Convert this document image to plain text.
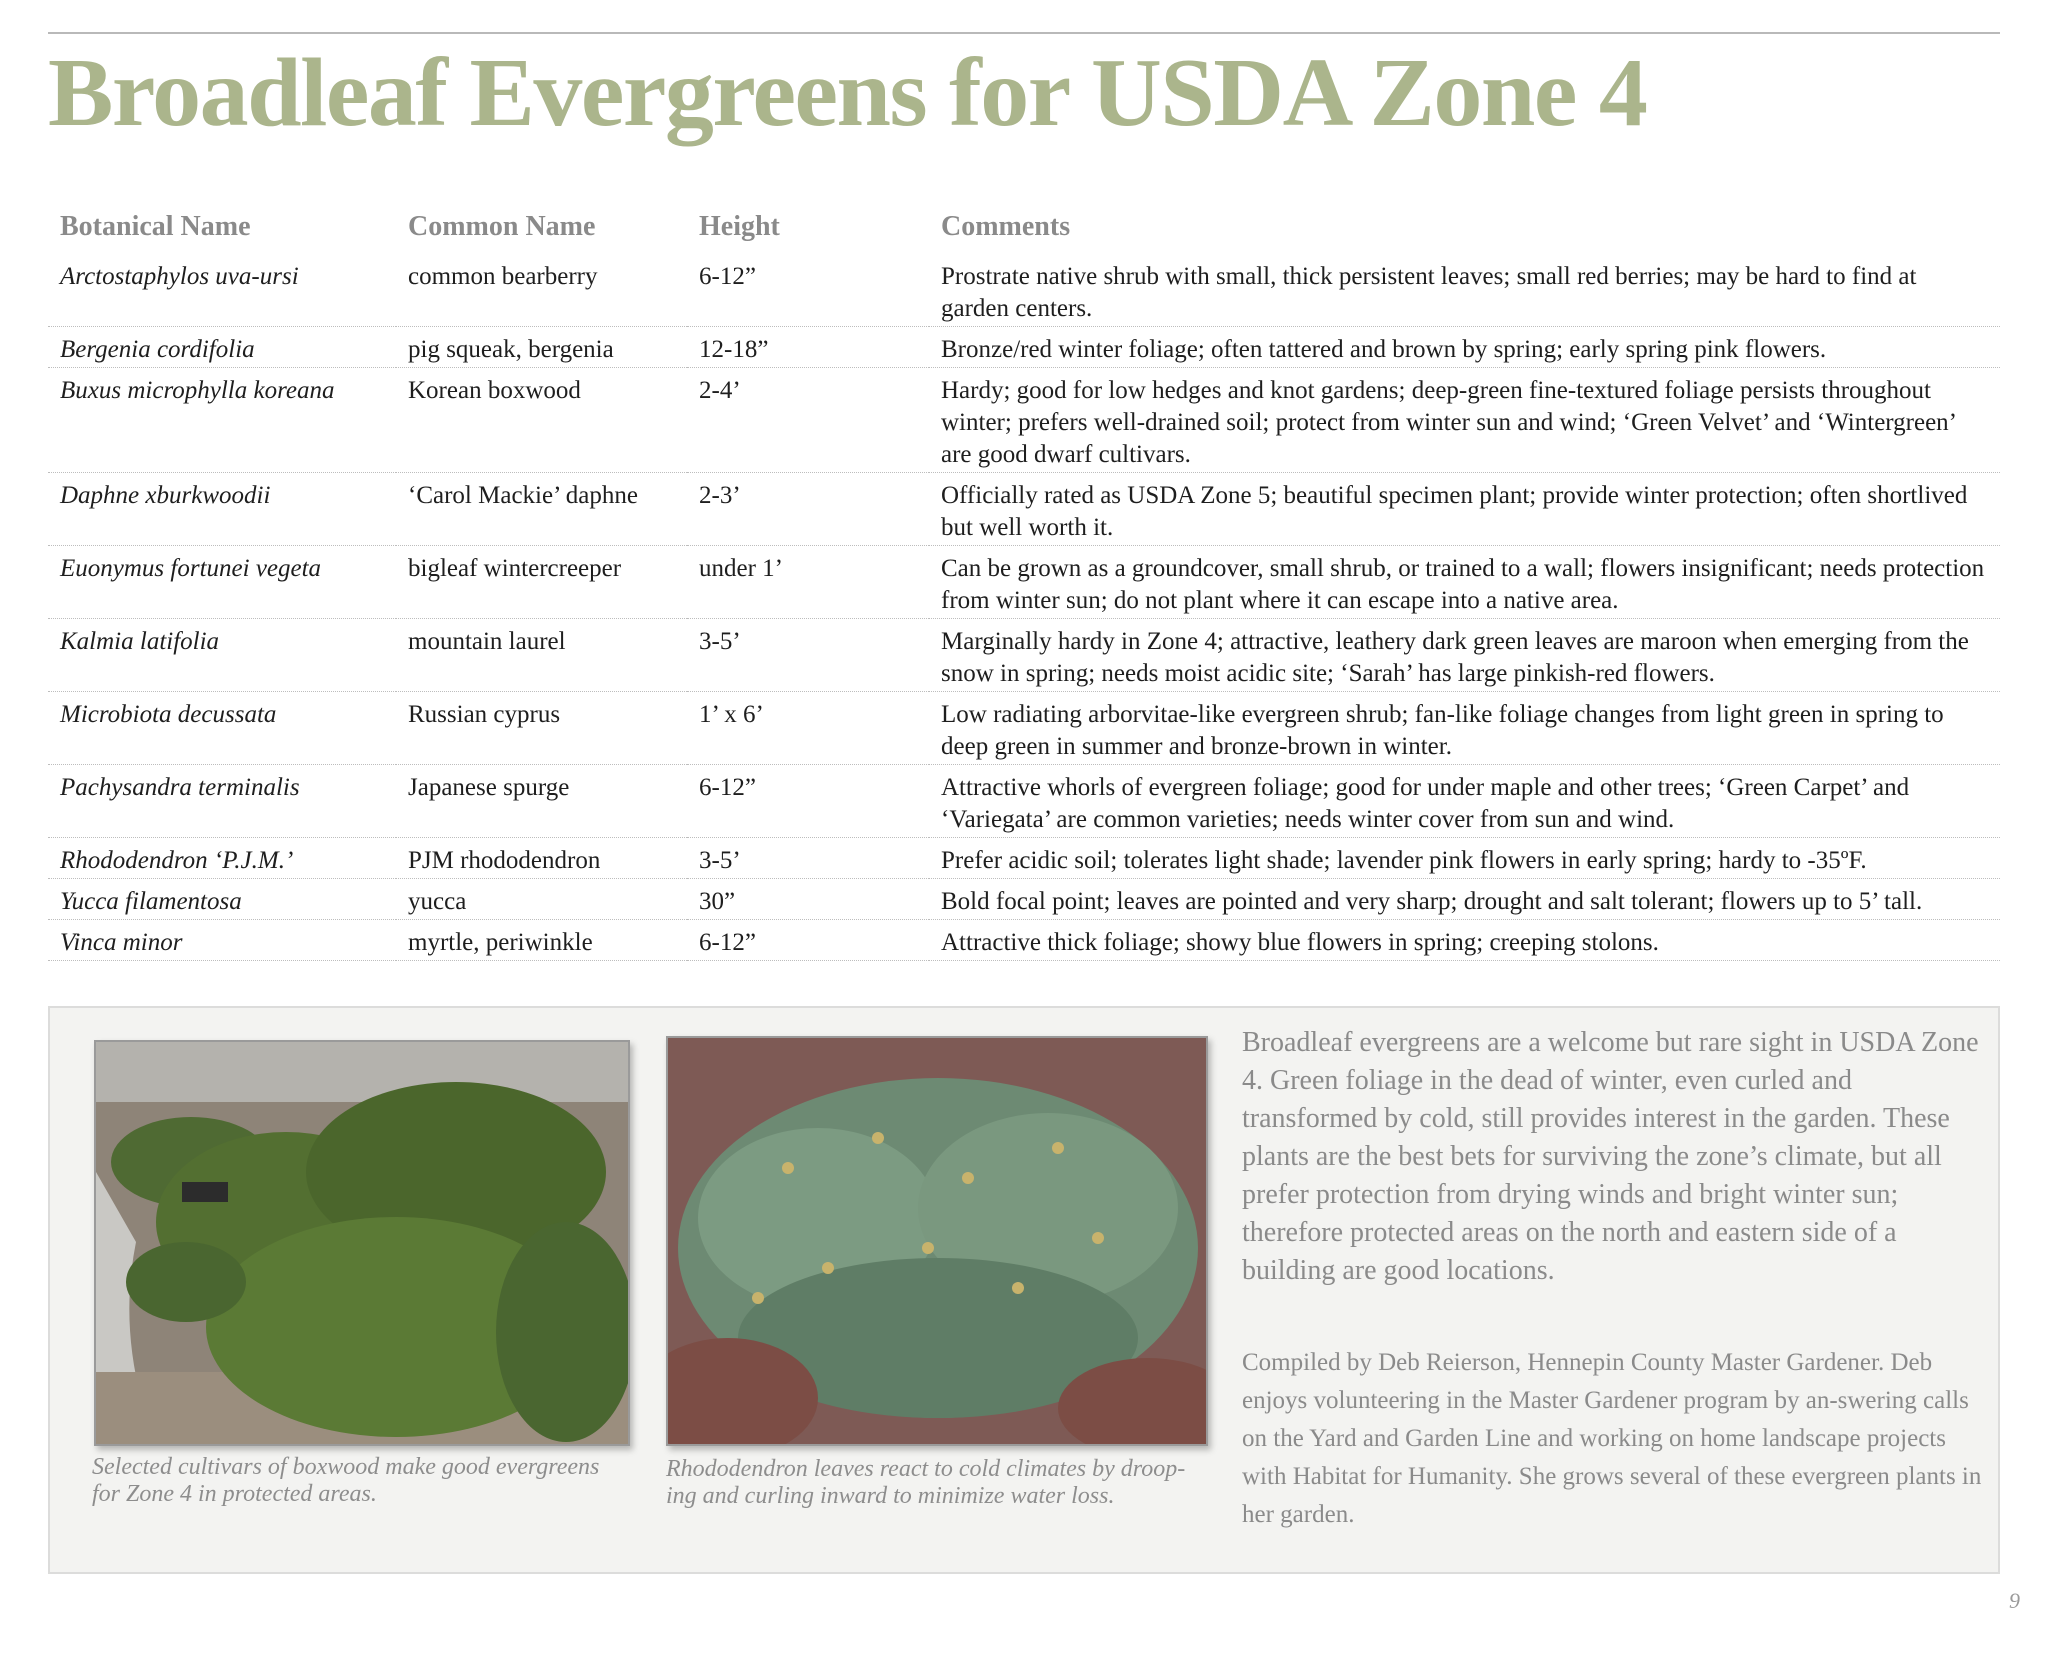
Broadleaf Evergreens for USDA Zone 4
Botanical Name	Common Name	Height	Comments
Arctostaphylos uva-ursi	common bearberry	6-12”	Prostrate native shrub with small, thick persistent leaves; small red berries; may be hard to find at garden centers.
Bergenia cordifolia	pig squeak, bergenia	12-18”	Bronze/red winter foliage; often tattered and brown by spring; early spring pink flowers.
Buxus microphylla koreana	Korean boxwood	2-4’	Hardy; good for low hedges and knot gardens; deep-green fine-textured foliage persists throughout winter; prefers well-drained soil; protect from winter sun and wind; ‘Green Velvet’ and ‘Wintergreen’ are good dwarf cultivars.
Daphne xburkwoodii	‘Carol Mackie’ daphne	2-3’	Officially rated as USDA Zone 5; beautiful specimen plant; provide winter protection; often shortlived but well worth it.
Euonymus fortunei vegeta	bigleaf wintercreeper	under 1’	Can be grown as a groundcover, small shrub, or trained to a wall; flowers insignificant; needs protection from winter sun; do not plant where it can escape into a native area.
Kalmia latifolia	mountain laurel	3-5’	Marginally hardy in Zone 4; attractive, leathery dark green leaves are maroon when emerging from the snow in spring; needs moist acidic site; ‘Sarah’ has large pinkish-red flowers.
Microbiota decussata	Russian cyprus	1’ x 6’	Low radiating arborvitae-like evergreen shrub; fan-like foliage changes from light green in spring to deep green in summer and bronze-brown in winter.
Pachysandra terminalis	Japanese spurge	6-12”	Attractive whorls of evergreen foliage; good for under maple and other trees; ‘Green Carpet’ and ‘Variegata’ are common varieties; needs winter cover from sun and wind.
Rhododendron ‘P.J.M.’	PJM rhododendron	3-5’	Prefer acidic soil; tolerates light shade; lavender pink flowers in early spring; hardy to -35ºF.
Yucca filamentosa	yucca	30”	Bold focal point; leaves are pointed and very sharp; drought and salt tolerant; flowers up to 5’ tall.
Vinca minor	myrtle, periwinkle	6-12”	Attractive thick foliage; showy blue flowers in spring; creeping stolons.

Selected cultivars of boxwood make good evergreens for Zone 4 in protected areas.

Rhododendron leaves react to cold climates by droop-ing and curling inward to minimize water loss.

Broadleaf evergreens are a welcome but rare sight in USDA Zone 4. Green foliage in the dead of winter, even curled and transformed by cold, still provides interest in the garden. These plants are the best bets for surviving the zone’s climate, but all prefer protection from drying winds and bright winter sun; therefore protected areas on the north and eastern side of a building are good locations.

Compiled by Deb Reierson, Hennepin County Master Gardener. Deb enjoys volunteering in the Master Gardener program by an-swering calls on the Yard and Garden Line and working on home landscape projects with Habitat for Humanity. She grows several of these evergreen plants in her garden.

9
